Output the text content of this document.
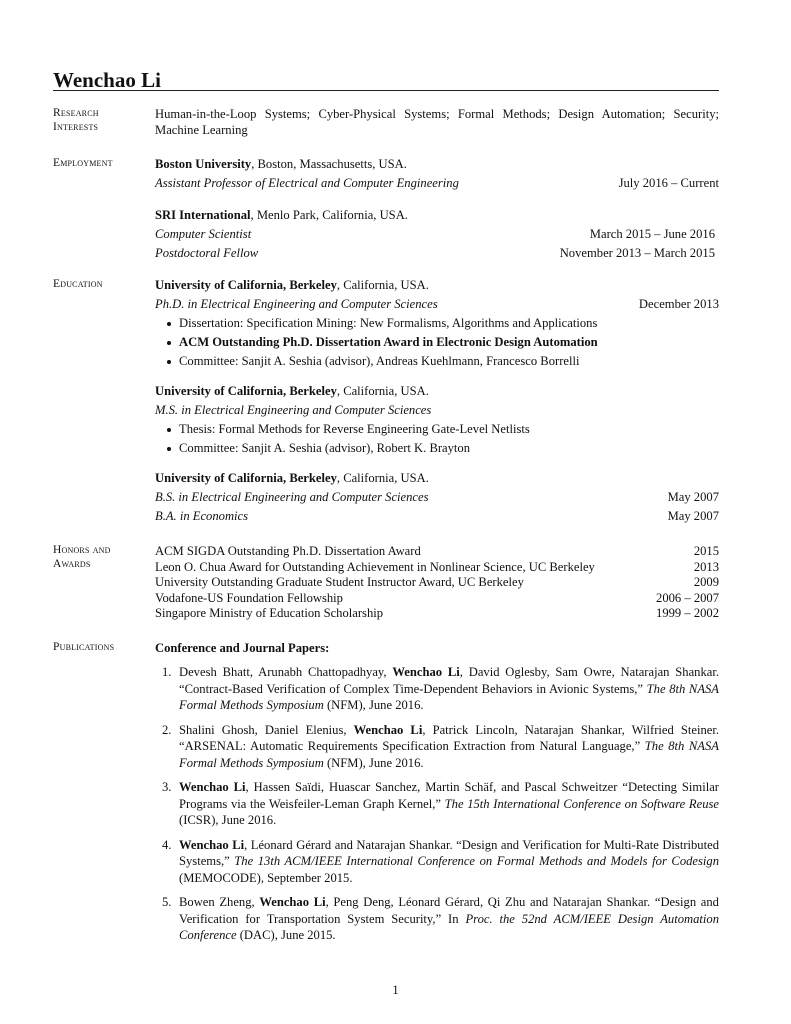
Wenchao Li
Research Interests
Human-in-the-Loop Systems; Cyber-Physical Systems; Formal Methods; Design Automation; Security; Machine Learning
Employment	Boston University, Boston, Massachusetts, USA.
Assistant Professor of Electrical and Computer Engineering	July 2016 – Current
SRI International, Menlo Park, California, USA.
Computer Scientist	March 2015 – June 2016
Postdoctoral Fellow	November 2013 – March 2015
Education	University of California, Berkeley, California, USA.
Ph.D. in Electrical Engineering and Computer Sciences	December 2013
Dissertation: Specification Mining: New Formalisms, Algorithms and Applications
ACM Outstanding Ph.D. Dissertation Award in Electronic Design Automation
Committee: Sanjit A. Seshia (advisor), Andreas Kuehlmann, Francesco Borrelli
University of California, Berkeley, California, USA.
M.S. in Electrical Engineering and Computer Sciences
Thesis: Formal Methods for Reverse Engineering Gate-Level Netlists
Committee: Sanjit A. Seshia (advisor), Robert K. Brayton
University of California, Berkeley, California, USA.
B.S. in Electrical Engineering and Computer Sciences	May 2007
B.A. in Economics	May 2007
Honors and Awards
ACM SIGDA Outstanding Ph.D. Dissertation Award	2015
Leon O. Chua Award for Outstanding Achievement in Nonlinear Science, UC Berkeley	2013
University Outstanding Graduate Student Instructor Award, UC Berkeley	2009
Vodafone-US Foundation Fellowship	2006 – 2007
Singapore Ministry of Education Scholarship	1999 – 2002
Publications	Conference and Journal Papers:
1. Devesh Bhatt, Arunabh Chattopadhyay, Wenchao Li, David Oglesby, Sam Owre, Natarajan Shankar. “Contract-Based Verification of Complex Time-Dependent Behaviors in Avionic Systems,” The 8th NASA Formal Methods Symposium (NFM), June 2016.
2. Shalini Ghosh, Daniel Elenius, Wenchao Li, Patrick Lincoln, Natarajan Shankar, Wilfried Steiner. “ARSENAL: Automatic Requirements Specification Extraction from Natural Language,” The 8th NASA Formal Methods Symposium (NFM), June 2016.
3. Wenchao Li, Hassen Saïdi, Huascar Sanchez, Martin Schäf, and Pascal Schweitzer “Detecting Similar Programs via the Weisfeiler-Leman Graph Kernel,” The 15th International Conference on Software Reuse (ICSR), June 2016.
4. Wenchao Li, Léonard Gérard and Natarajan Shankar. “Design and Verification for Multi-Rate Distributed Systems,” The 13th ACM/IEEE International Conference on Formal Methods and Models for Codesign (MEMOCODE), September 2015.
5. Bowen Zheng, Wenchao Li, Peng Deng, Léonard Gérard, Qi Zhu and Natarajan Shankar. “Design and Verification for Transportation System Security,” In Proc. the 52nd ACM/IEEE Design Automation Conference (DAC), June 2015.
1
